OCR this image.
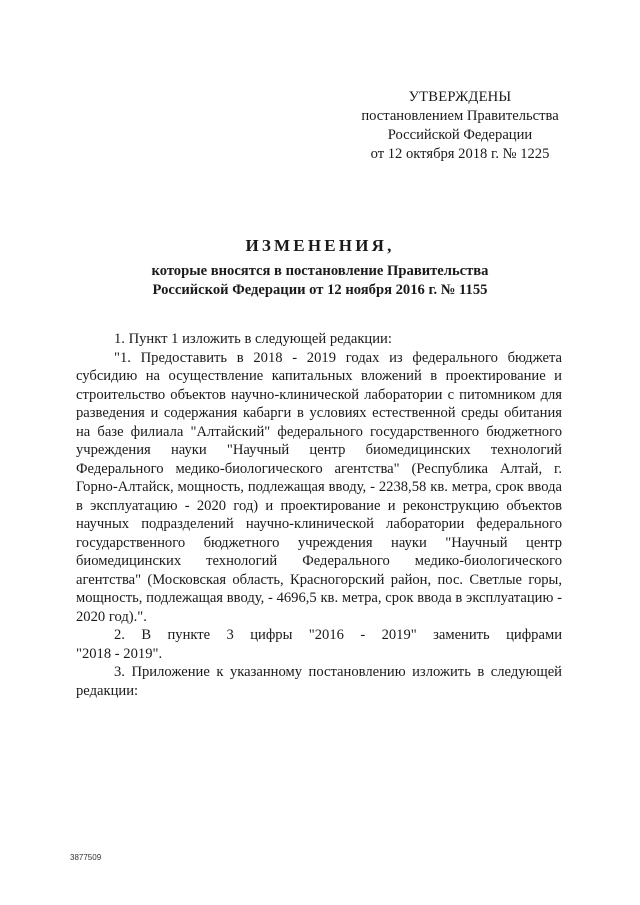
УТВЕРЖДЕНЫ
постановлением Правительства
Российской Федерации
от 12 октября 2018 г. № 1225
ИЗМЕНЕНИЯ,
которые вносятся в постановление Правительства
Российской Федерации от 12 ноября 2016 г. № 1155

1. Пункт 1 изложить в следующей редакции:

"1. Предоставить в 2018 - 2019 годах из федерального бюджета субсидию на осуществление капитальных вложений в проектирование и строительство объектов научно-клинической лаборатории с питомником для разведения и содержания кабарги в условиях естественной среды обитания на базе филиала "Алтайский" федерального государственного бюджетного учреждения науки "Научный центр биомедицинских технологий Федерального медико-биологического агентства" (Республика Алтай, г. Горно-Алтайск, мощность, подлежащая вводу, - 2238,58 кв. метра, срок ввода в эксплуатацию - 2020 год) и проектирование и реконструкцию объектов научных подразделений научно-клинической лаборатории федерального государственного бюджетного учреждения науки "Научный центр биомедицинских технологий Федерального медико-биологического агентства" (Московская область, Красногорский район, пос. Светлые горы, мощность, подлежащая вводу, - 4696,5 кв. метра, срок ввода в эксплуатацию - 2020 год).".

2. В пункте 3 цифры "2016 - 2019" заменить цифрами

"2018 - 2019".

3. Приложение к указанному постановлению изложить в следующей редакции:

3877509
